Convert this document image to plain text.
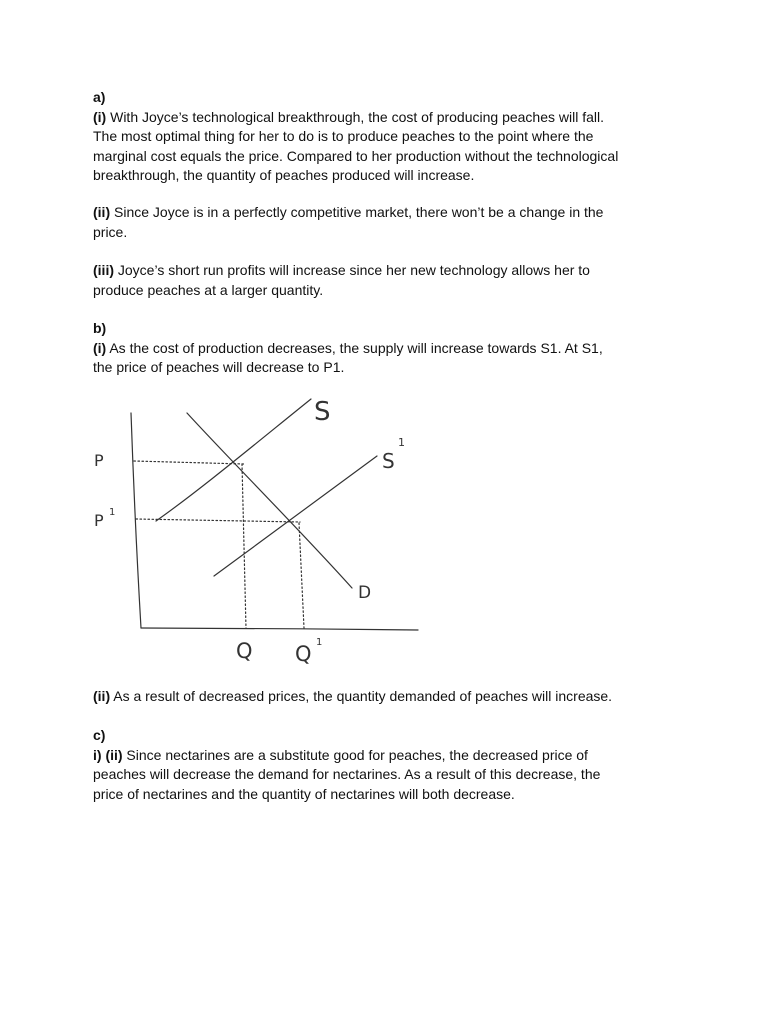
a)

(i) With Joyce’s technological breakthrough, the cost of producing peaches will fall.

The most optimal thing for her to do is to produce peaches to the point where the

marginal cost equals the price. Compared to her production without the technological

breakthrough, the quantity of peaches produced will increase.

(ii) Since Joyce is in a perfectly competitive market, there won’t be a change in the

price.

(iii) Joyce’s short run profits will increase since her new technology allows her to

produce peaches at a larger quantity.

b)

(i) As the cost of production decreases, the supply will increase towards S1. At S1,

the price of peaches will decrease to P1.

S
S
1
D
P
P 1
Q Q 1

(ii) As a result of decreased prices, the quantity demanded of peaches will increase.

c)

i) (ii) Since nectarines are a substitute good for peaches, the decreased price of

peaches will decrease the demand for nectarines. As a result of this decrease, the

price of nectarines and the quantity of nectarines will both decrease.
